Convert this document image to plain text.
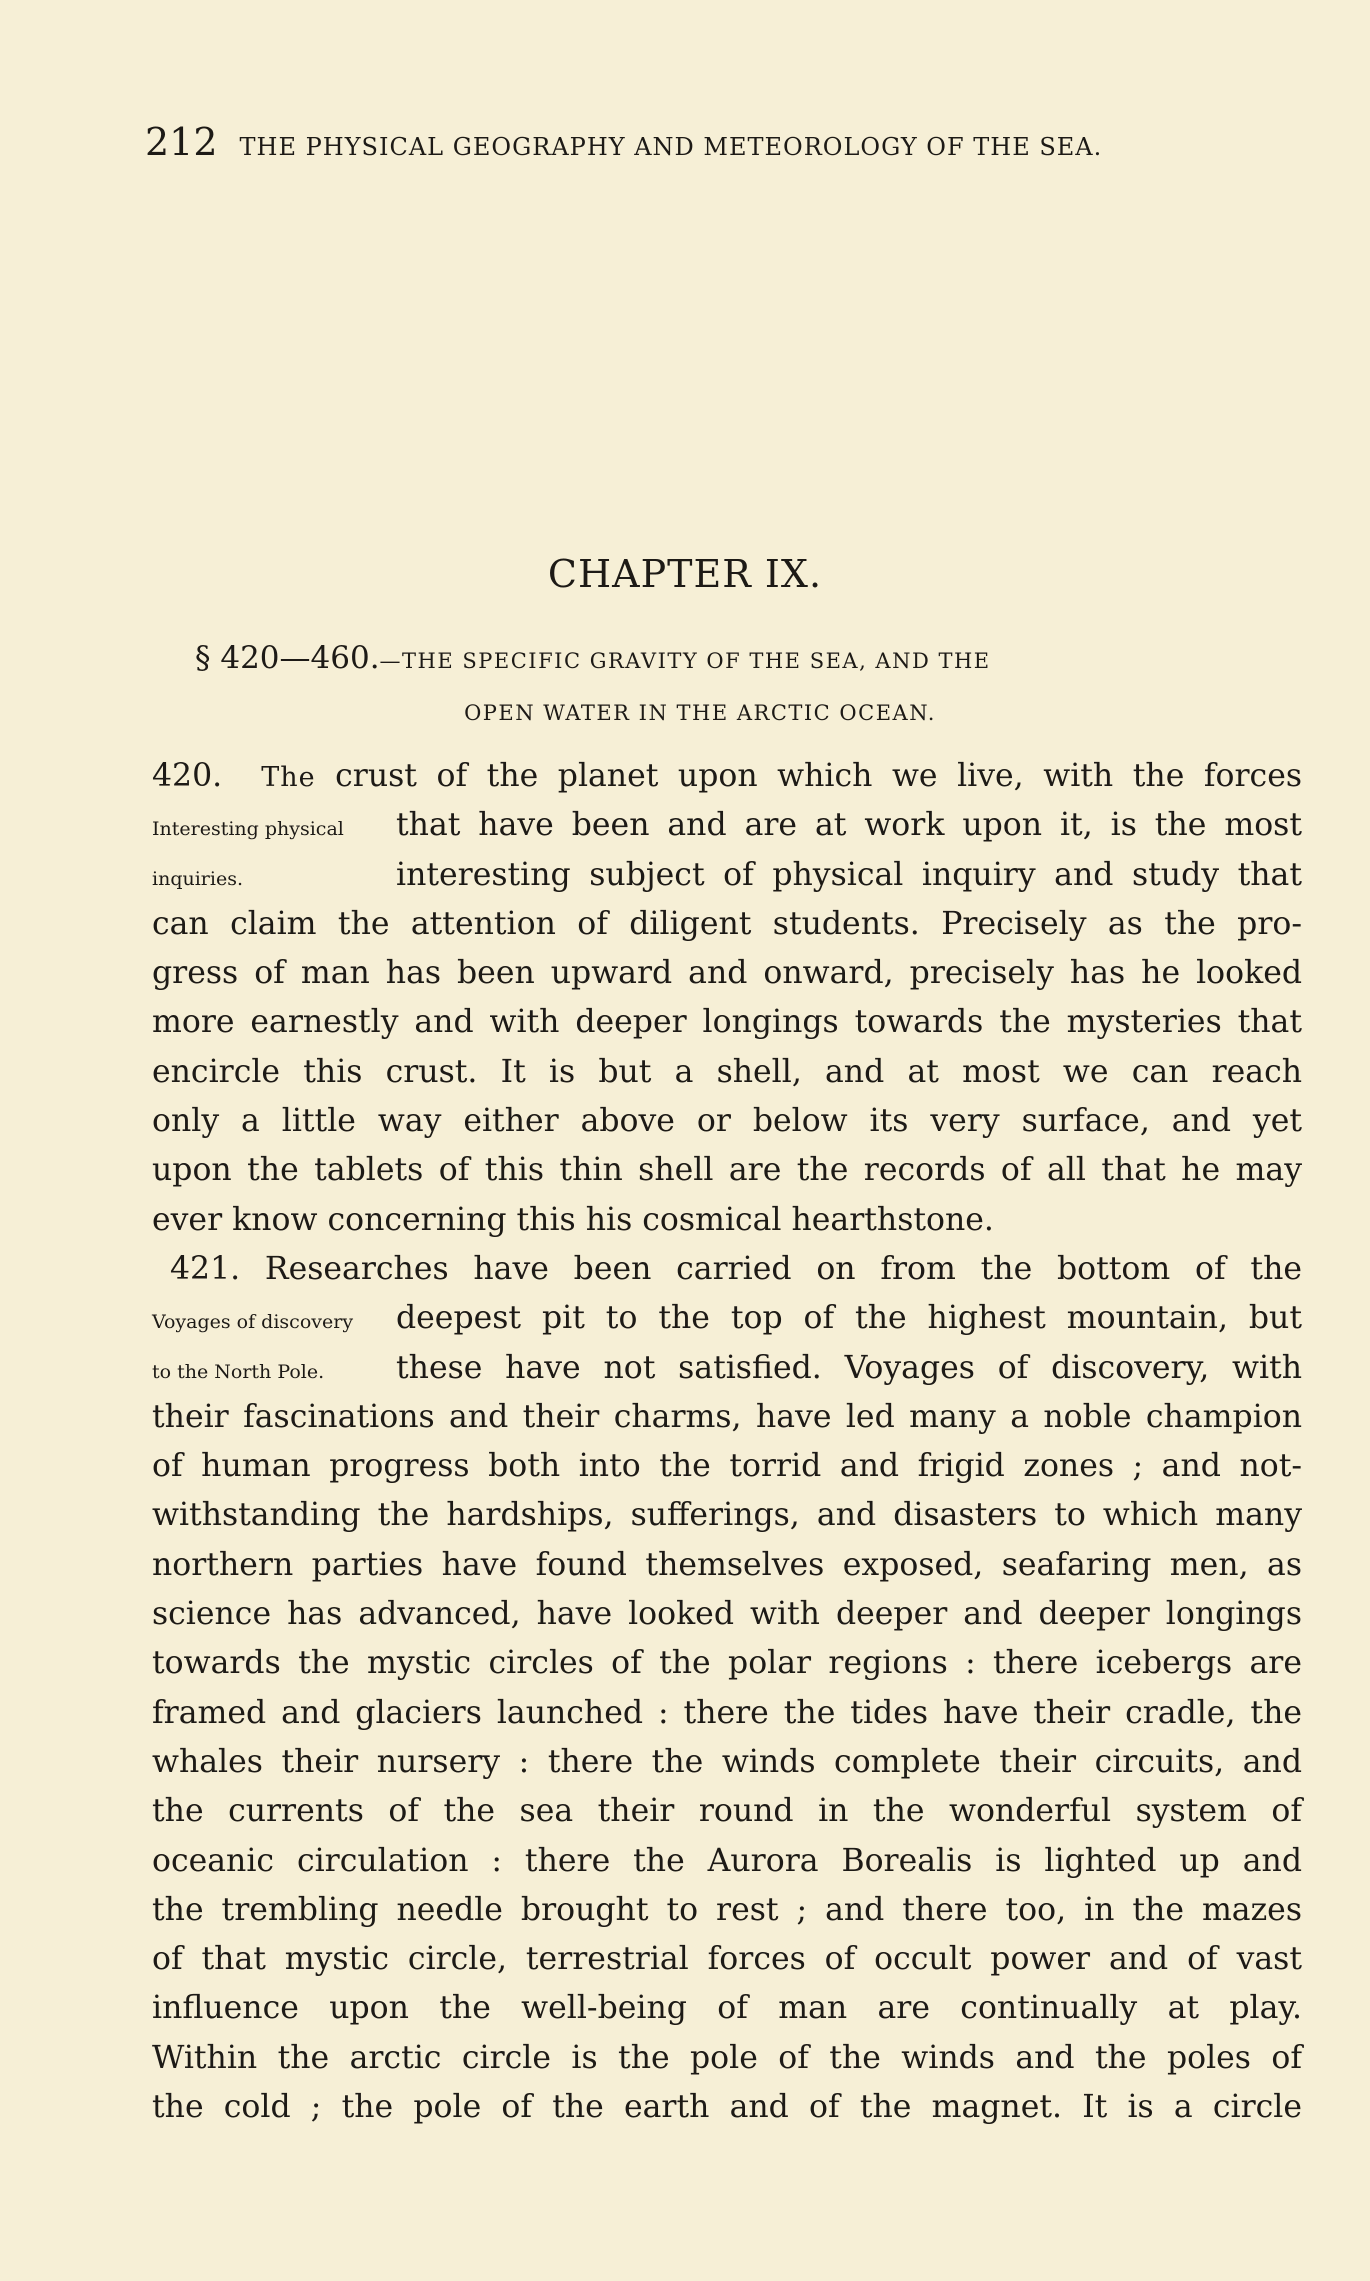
212 THE PHYSICAL GEOGRAPHY AND METEOROLOGY OF THE SEA.
CHAPTER IX.
§ 420—460.—THE SPECIFIC GRAVITY OF THE SEA, AND THE
OPEN WATER IN THE ARCTIC OCEAN.
420. The crust of the planet upon which we live, with the forces
Interesting physical	that have been and are at work upon it, is the most
inquiries.	interesting subject of physical inquiry and study that
can claim the attention of diligent students. Precisely as the pro-
gress of man has been upward and onward, precisely has he looked
more earnestly and with deeper longings towards the mysteries that
encircle this crust. It is but a shell, and at most we can reach
only a little way either above or below its very surface, and yet
upon the tablets of this thin shell are the records of all that he may
ever know concerning this his cosmical hearthstone.
421. Researches have been carried on from the bottom of the
Voyages of discovery	deepest pit to the top of the highest mountain, but
to the North Pole.	these have not satisfied. Voyages of discovery, with
their fascinations and their charms, have led many a noble champion
of human progress both into the torrid and frigid zones ; and not-
withstanding the hardships, sufferings, and disasters to which many
northern parties have found themselves exposed, seafaring men, as
science has advanced, have looked with deeper and deeper longings
towards the mystic circles of the polar regions : there icebergs are
framed and glaciers launched : there the tides have their cradle, the
whales their nursery : there the winds complete their circuits, and
the currents of the sea their round in the wonderful system of
oceanic circulation : there the Aurora Borealis is lighted up and
the trembling needle brought to rest ; and there too, in the mazes
of that mystic circle, terrestrial forces of occult power and of vast
influence upon the well-being of man are continually at play.
Within the arctic circle is the pole of the winds and the poles of
the cold ; the pole of the earth and of the magnet. It is a circle
